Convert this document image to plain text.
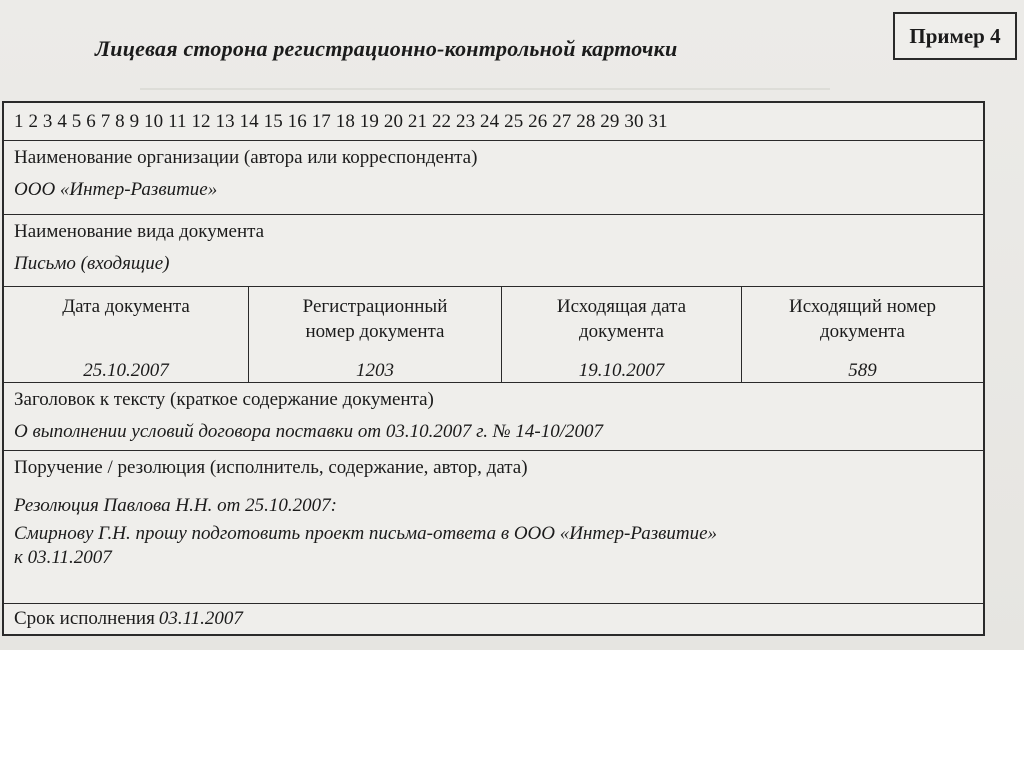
Пример 4
Лицевая сторона регистрационно-контрольной карточки
1 2 3 4 5 6 7 8 9 10 11 12 13 14 15 16 17 18 19 20 21 22 23 24 25 26 27 28 29 30 31
Наименование организации (автора или корреспондента)
ООО «Интер-Развитие»
Наименование вида документа
Письмо (входящие)
Дата документа
25.10.2007
Регистрационный номер документа
1203
Исходящая дата документа
19.10.2007
Исходящий номер документа
589
Заголовок к тексту (краткое содержание документа)
О выполнении условий договора поставки от 03.10.2007 г. № 14-10/2007
Поручение / резолюция (исполнитель, содержание, автор, дата)
Резолюция Павлова Н.Н. от 25.10.2007:
Смирнову Г.Н. прошу подготовить проект письма-ответа в ООО «Интер-Развитие»
к 03.11.2007
Срок исполнения 03.11.2007
